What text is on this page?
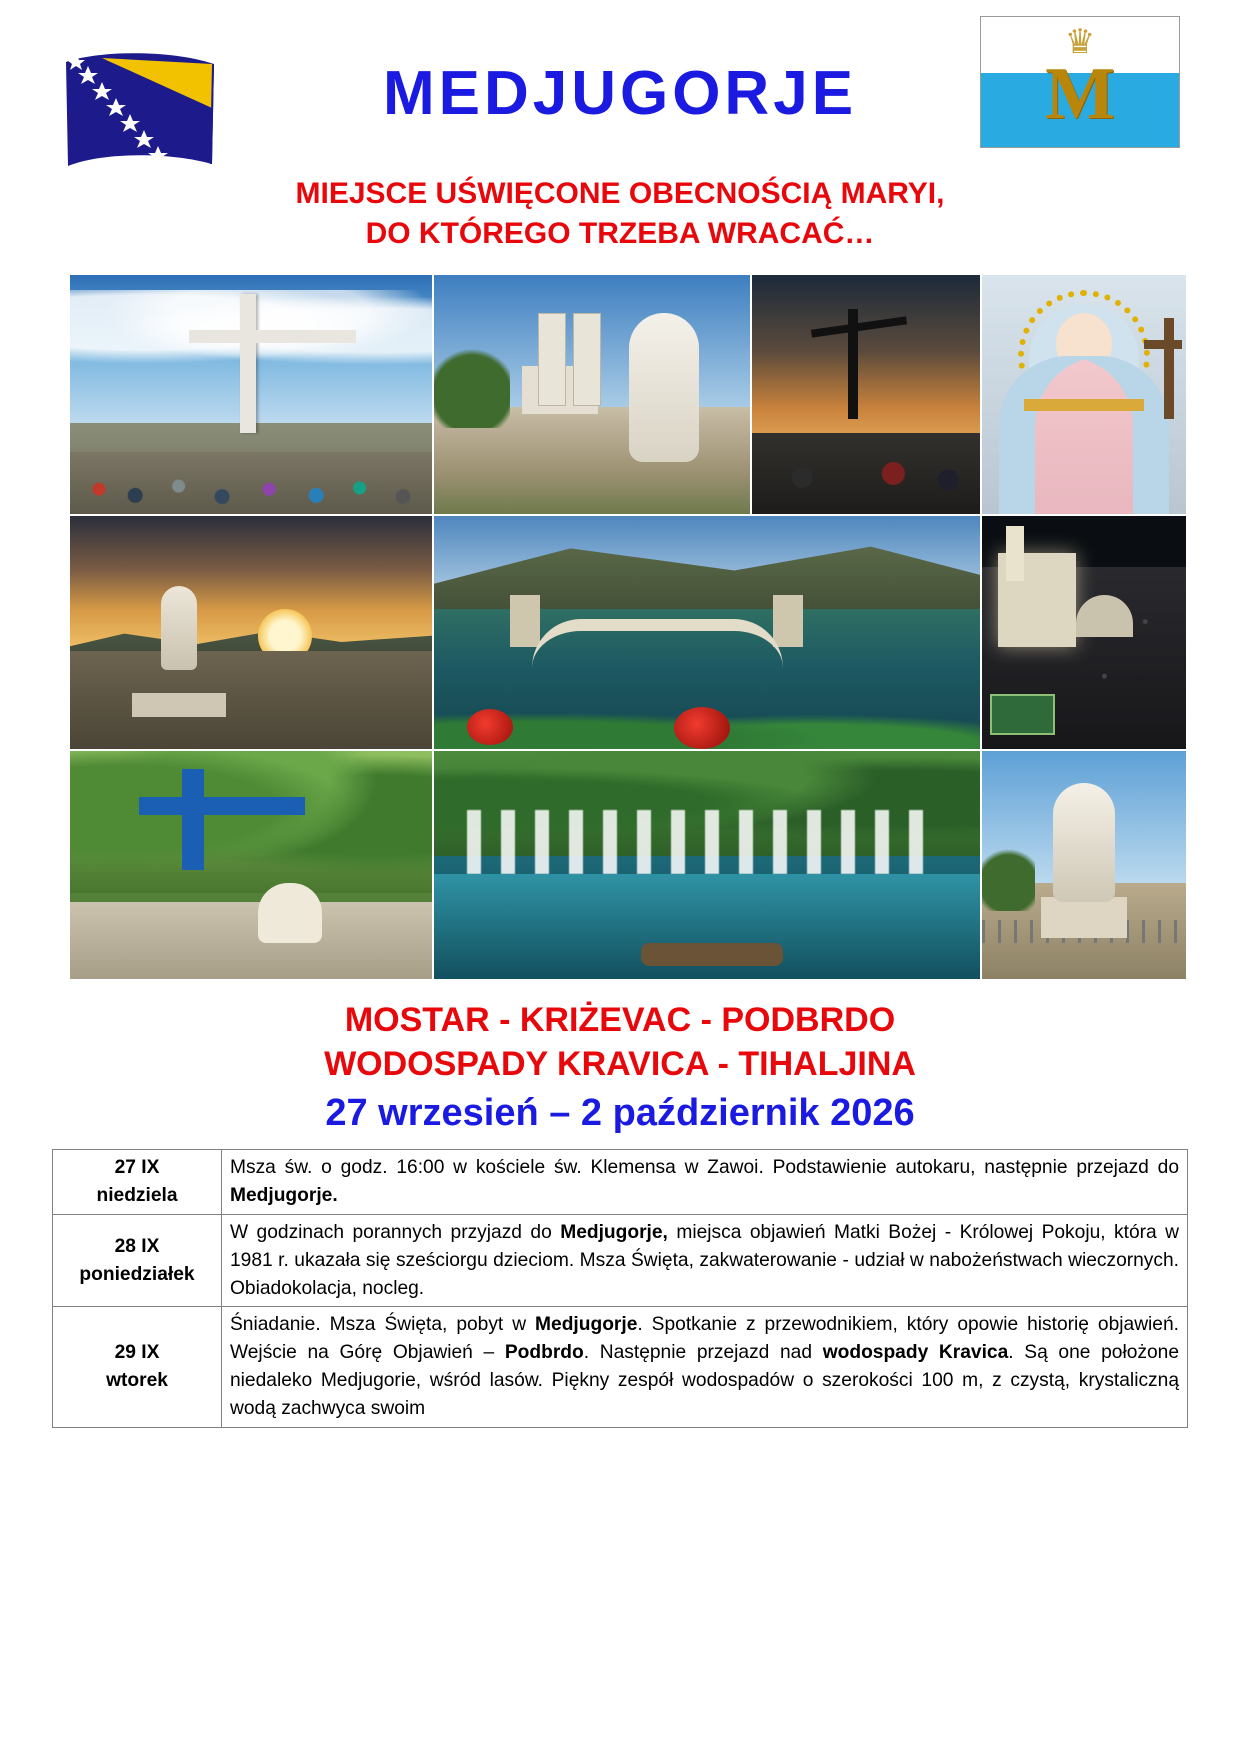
MEDJUGORJE
♛
M
MIEJSCE UŚWIĘCONE OBECNOŚCIĄ MARYI,
DO KTÓREGO TRZEBA WRACAĆ…
MOSTAR - KRIŻEVAC - PODBRDO
WODOSPADY KRAVICA - TIHALJINA
27 wrzesień – 2 październik 2026
27 IX
niedziela	Msza św. o godz. 16:00 w kościele św. Klemensa w Zawoi. Podstawienie autokaru, następnie przejazd do Medjugorje.

28 IX
poniedziałek	W godzinach porannych przyjazd do Medjugorje, miejsca objawień Matki Bożej - Królowej Pokoju, która w 1981 r. ukazała się sześciorgu dzieciom. Msza Święta, zakwaterowanie - udział w nabożeństwach wieczornych. Obiadokolacja, nocleg.

29 IX
wtorek	Śniadanie. Msza Święta, pobyt w Medjugorje. Spotkanie z przewodnikiem, który opowie historię objawień. Wejście na Górę Objawień – Podbrdo. Następnie przejazd nad wodospady Kravica. Są one położone niedaleko Medjugorie, wśród lasów. Piękny zespół wodospadów o szerokości 100 m, z czystą, krystaliczną wodą zachwyca swoim
